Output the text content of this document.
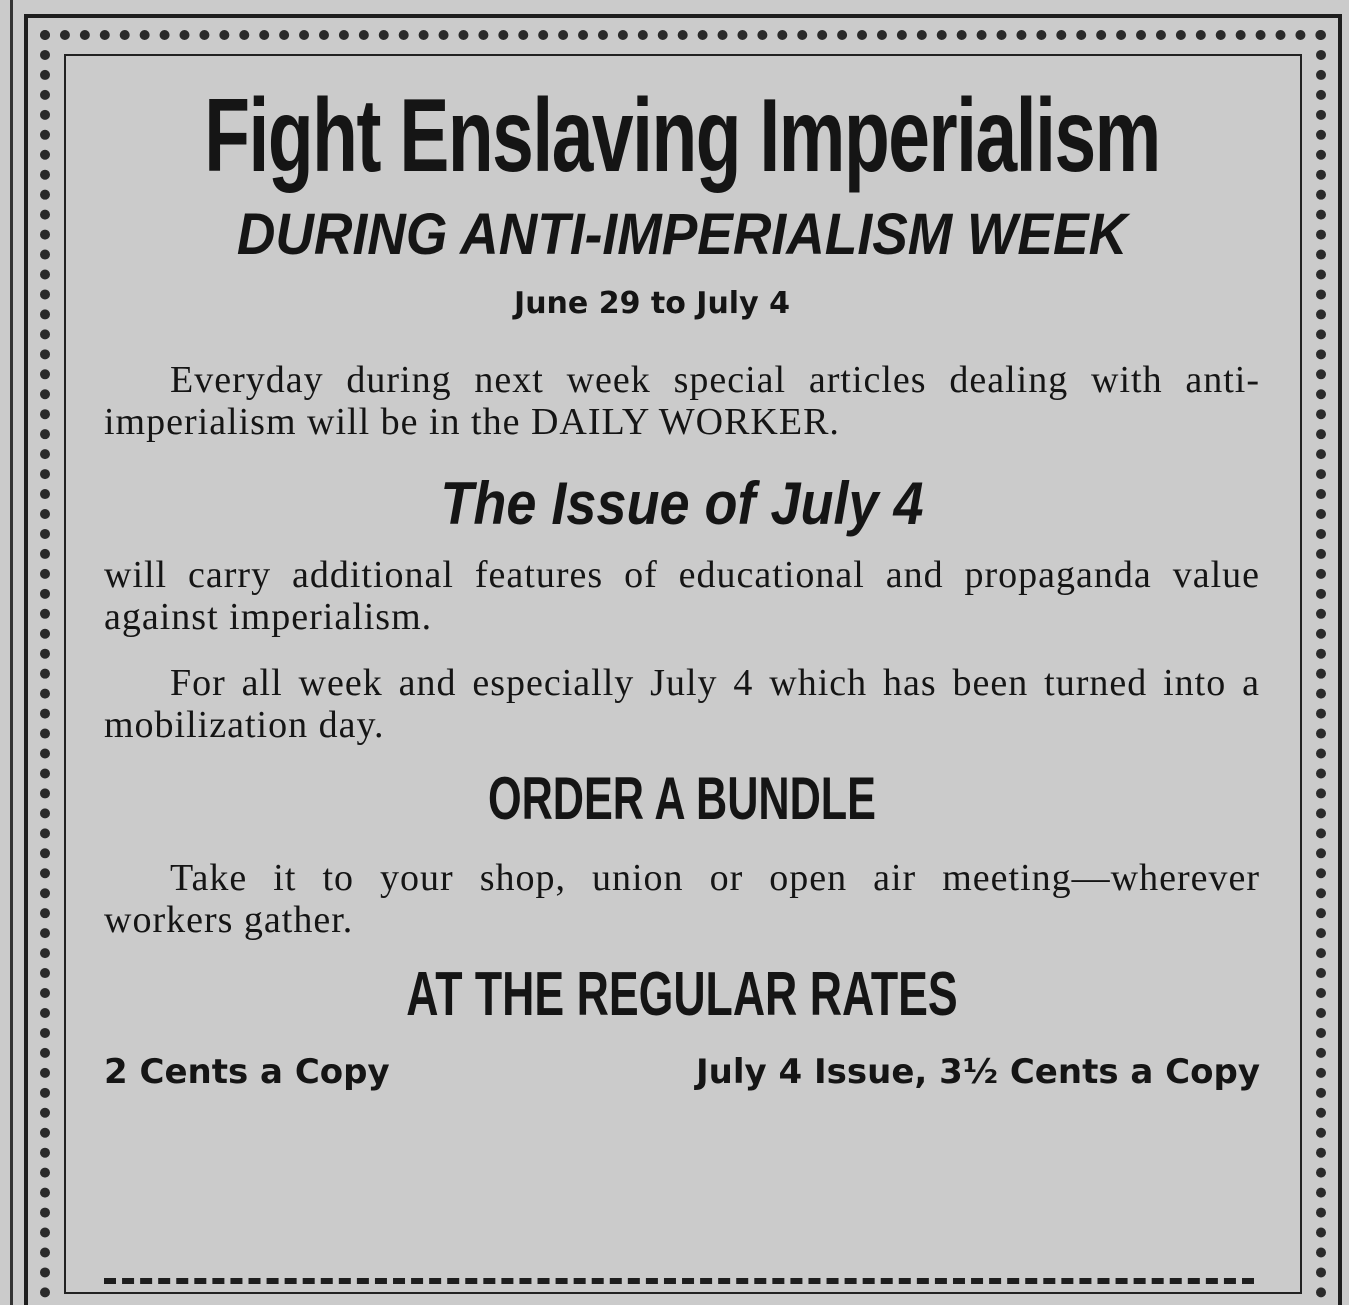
Fight Enslaving Imperialism
DURING ANTI-IMPERIALISM WEEK
June 29 to July 4
Everyday during next week special articles dealing with anti-imperialism will be in the DAILY WORKER.
The Issue of July 4
will carry additional features of educational and propaganda value against imperialism.
For all week and especially July 4 which has been turned into a mobilization day.
ORDER A BUNDLE
Take it to your shop, union or open air meeting—wherever workers gather.
AT THE REGULAR RATES
2 Cents a Copy	July 4 Issue, 3½ Cents a Copy
